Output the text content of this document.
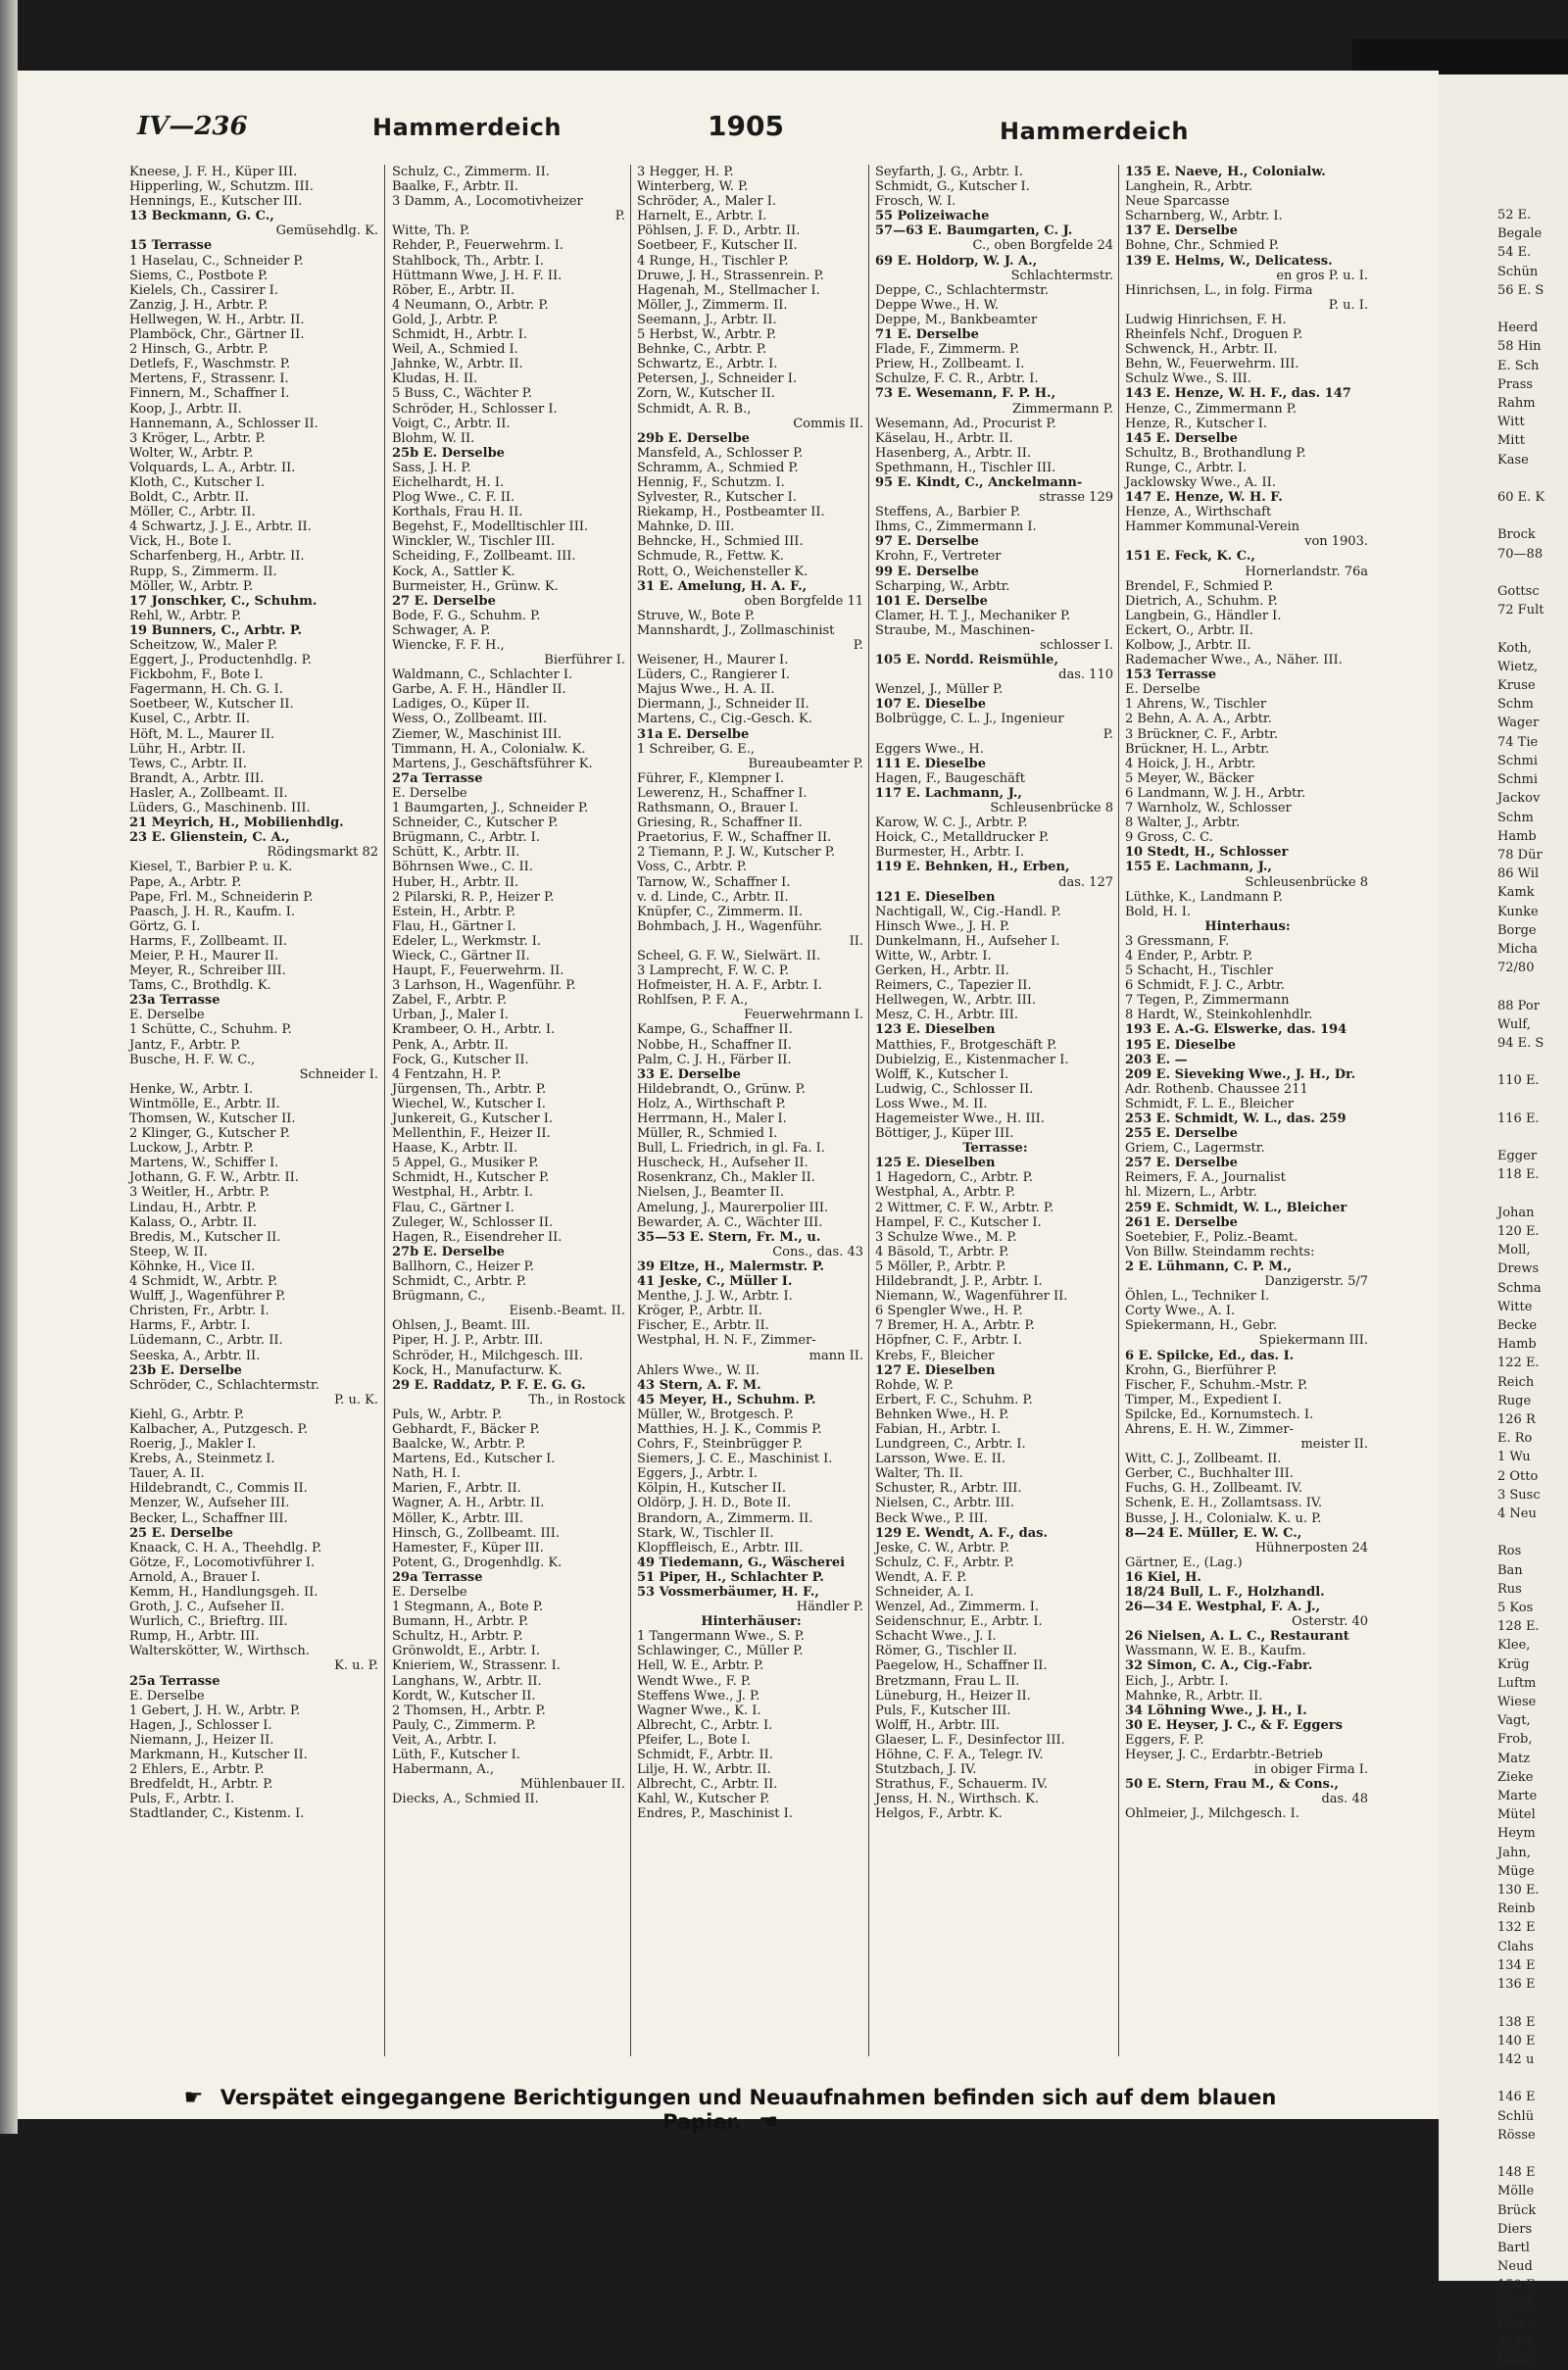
52 E.
Begale
54 E.
Schün
56 E. S

Heerd
58 Hin
E. Sch
Prass
Rahm
Witt
Mitt
Kase

60 E. K

Brock
70—88

Gottsc
72 Fult

Koth,
Wietz,
Kruse
Schm
Wager
74 Tie
Schmi
Schmi
Jackov
Schm
Hamb
78 Dür
86 Wil
Kamk
Kunke
Borge
Micha
72/80

88 Por
Wulf,
94 E. S

110 E.

116 E.

Egger
118 E.

Johan
120 E.
Moll,
Drews
Schma
Witte
Becke
Hamb
122 E.
Reich
Ruge
126 R
E. Ro
1 Wu
2 Otto
3 Susc
4 Neu

Ros
Ban
Rus
5 Kos
128 E.
Klee,
Krüg
Luftm
Wiese
Vagt,
Frob,
Matz
Zieke
Marte
Mütel
Heym
Jahn,
Müge
130 E.
Reinb
132 E
Clahs
134 E
136 E

138 E
140 E
142 u

146 E
Schlü
Rösse

148 E
Mölle
Brück
Diers
Bartl
Neud
150 E
152 E
Owe,
154 E
Haac
IV—236	Hammerdeich	1905	Hammerdeich
Kneese, J. F. H., Küper III.
Hipperling, W., Schutzm. III.
Hennings, E., Kutscher III.
13 Beckmann, G. C.,
Gemüsehdlg. K.
15 Terrasse
1 Haselau, C., Schneider P.
Siems, C., Postbote P.
Kielels, Ch., Cassirer I.
Zanzig, J. H., Arbtr. P.
Hellwegen, W. H., Arbtr. II.
Plamböck, Chr., Gärtner II.
2 Hinsch, G., Arbtr. P.
Detlefs, F., Waschmstr. P.
Mertens, F., Strassenr. I.
Finnern, M., Schaffner I.
Koop, J., Arbtr. II.
Hannemann, A., Schlosser II.
3 Kröger, L., Arbtr. P.
Wolter, W., Arbtr. P.
Volquards, L. A., Arbtr. II.
Kloth, C., Kutscher I.
Boldt, C., Arbtr. II.
Möller, C., Arbtr. II.
4 Schwartz, J. J. E., Arbtr. II.
Vick, H., Bote I.
Scharfenberg, H., Arbtr. II.
Rupp, S., Zimmerm. II.
Möller, W., Arbtr. P.
17 Jonschker, C., Schuhm.
Rehl, W., Arbtr. P.
19 Bunners, C., Arbtr. P.
Scheitzow, W., Maler P.
Eggert, J., Productenhdlg. P.
Fickbohm, F., Bote I.
Fagermann, H. Ch. G. I.
Soetbeer, W., Kutscher II.
Kusel, C., Arbtr. II.
Höft, M. L., Maurer II.
Lühr, H., Arbtr. II.
Tews, C., Arbtr. II.
Brandt, A., Arbtr. III.
Hasler, A., Zollbeamt. II.
Lüders, G., Maschinenb. III.
21 Meyrich, H., Mobilienhdlg.
23 E. Glienstein, C. A.,
Rödingsmarkt 82
Kiesel, T., Barbier P. u. K.
Pape, A., Arbtr. P.
Pape, Frl. M., Schneiderin P.
Paasch, J. H. R., Kaufm. I.
Görtz, G. I.
Harms, F., Zollbeamt. II.
Meier, P. H., Maurer II.
Meyer, R., Schreiber III.
Tams, C., Brothdlg. K.
23a Terrasse
E. Derselbe
1 Schütte, C., Schuhm. P.
Jantz, F., Arbtr. P.
Busche, H. F. W. C.,
Schneider I.
Henke, W., Arbtr. I.
Wintmölle, E., Arbtr. II.
Thomsen, W., Kutscher II.
2 Klinger, G., Kutscher P.
Luckow, J., Arbtr. P.
Martens, W., Schiffer I.
Jothann, G. F. W., Arbtr. II.
3 Weitler, H., Arbtr. P.
Lindau, H., Arbtr. P.
Kalass, O., Arbtr. II.
Bredis, M., Kutscher II.
Steep, W. II.
Köhnke, H., Vice II.
4 Schmidt, W., Arbtr. P.
Wulff, J., Wagenführer P.
Christen, Fr., Arbtr. I.
Harms, F., Arbtr. I.
Lüdemann, C., Arbtr. II.
Seeska, A., Arbtr. II.
23b E. Derselbe
Schröder, C., Schlachtermstr.
P. u. K.
Kiehl, G., Arbtr. P.
Kalbacher, A., Putzgesch. P.
Roerig, J., Makler I.
Krebs, A., Steinmetz I.
Tauer, A. II.
Hildebrandt, C., Commis II.
Menzer, W., Aufseher III.
Becker, L., Schaffner III.
25 E. Derselbe
Knaack, C. H. A., Theehdlg. P.
Götze, F., Locomotivführer I.
Arnold, A., Brauer I.
Kemm, H., Handlungsgeh. II.
Groth, J. C., Aufseher II.
Wurlich, C., Brieftrg. III.
Rump, H., Arbtr. III.
Walterskötter, W., Wirthsch.
K. u. P.
25a Terrasse
E. Derselbe
1 Gebert, J. H. W., Arbtr. P.
Hagen, J., Schlosser I.
Niemann, J., Heizer II.
Markmann, H., Kutscher II.
2 Ehlers, E., Arbtr. P.
Bredfeldt, H., Arbtr. P.
Puls, F., Arbtr. I.
Stadtlander, C., Kistenm. I.
Schulz, C., Zimmerm. II.
Baalke, F., Arbtr. II.
3 Damm, A., Locomotivheizer
P.
Witte, Th. P.
Rehder, P., Feuerwehrm. I.
Stahlbock, Th., Arbtr. I.
Hüttmann Wwe, J. H. F. II.
Röber, E., Arbtr. II.
4 Neumann, O., Arbtr. P.
Gold, J., Arbtr. P.
Schmidt, H., Arbtr. I.
Weil, A., Schmied I.
Jahnke, W., Arbtr. II.
Kludas, H. II.
5 Buss, C., Wächter P.
Schröder, H., Schlosser I.
Voigt, C., Arbtr. II.
Blohm, W. II.
25b E. Derselbe
Sass, J. H. P.
Eichelhardt, H. I.
Plog Wwe., C. F. II.
Korthals, Frau H. II.
Begehst, F., Modelltischler III.
Winckler, W., Tischler III.
Scheiding, F., Zollbeamt. III.
Kock, A., Sattler K.
Burmeister, H., Grünw. K.
27 E. Derselbe
Bode, F. G., Schuhm. P.
Schwager, A. P.
Wiencke, F. F. H.,
Bierführer I.
Waldmann, C., Schlachter I.
Garbe, A. F. H., Händler II.
Ladiges, O., Küper II.
Wess, O., Zollbeamt. III.
Ziemer, W., Maschinist III.
Timmann, H. A., Colonialw. K.
Martens, J., Geschäftsführer K.
27a Terrasse
E. Derselbe
1 Baumgarten, J., Schneider P.
Schneider, C., Kutscher P.
Brügmann, C., Arbtr. I.
Schütt, K., Arbtr. II.
Böhrnsen Wwe., C. II.
Huber, H., Arbtr. II.
2 Pilarski, R. P., Heizer P.
Estein, H., Arbtr. P.
Flau, H., Gärtner I.
Edeler, L., Werkmstr. I.
Wieck, C., Gärtner II.
Haupt, F., Feuerwehrm. II.
3 Larhson, H., Wagenführ. P.
Zabel, F., Arbtr. P.
Urban, J., Maler I.
Krambeer, O. H., Arbtr. I.
Penk, A., Arbtr. II.
Fock, G., Kutscher II.
4 Fentzahn, H. P.
Jürgensen, Th., Arbtr. P.
Wiechel, W., Kutscher I.
Junkereit, G., Kutscher I.
Mellenthin, F., Heizer II.
Haase, K., Arbtr. II.
5 Appel, G., Musiker P.
Schmidt, H., Kutscher P.
Westphal, H., Arbtr. I.
Flau, C., Gärtner I.
Zuleger, W., Schlosser II.
Hagen, R., Eisendreher II.
27b E. Derselbe
Ballhorn, C., Heizer P.
Schmidt, C., Arbtr. P.
Brügmann, C.,
Eisenb.-Beamt. II.
Ohlsen, J., Beamt. III.
Piper, H. J. P., Arbtr. III.
Schröder, H., Milchgesch. III.
Kock, H., Manufacturw. K.
29 E. Raddatz, P. F. E. G. G.
Th., in Rostock
Puls, W., Arbtr. P.
Gebhardt, F., Bäcker P.
Baalcke, W., Arbtr. P.
Martens, Ed., Kutscher I.
Nath, H. I.
Marien, F., Arbtr. II.
Wagner, A. H., Arbtr. II.
Möller, K., Arbtr. III.
Hinsch, G., Zollbeamt. III.
Hamester, F., Küper III.
Potent, G., Drogenhdlg. K.
29a Terrasse
E. Derselbe
1 Stegmann, A., Bote P.
Bumann, H., Arbtr. P.
Schultz, H., Arbtr. P.
Grönwoldt, E., Arbtr. I.
Knieriem, W., Strassenr. I.
Langhans, W., Arbtr. II.
Kordt, W., Kutscher II.
2 Thomsen, H., Arbtr. P.
Pauly, C., Zimmerm. P.
Veit, A., Arbtr. I.
Lüth, F., Kutscher I.
Habermann, A.,
Mühlenbauer II.
Diecks, A., Schmied II.
3 Hegger, H. P.
Winterberg, W. P.
Schröder, A., Maler I.
Harnelt, E., Arbtr. I.
Pöhlsen, J. F. D., Arbtr. II.
Soetbeer, F., Kutscher II.
4 Runge, H., Tischler P.
Druwe, J. H., Strassenrein. P.
Hagenah, M., Stellmacher I.
Möller, J., Zimmerm. II.
Seemann, J., Arbtr. II.
5 Herbst, W., Arbtr. P.
Behnke, C., Arbtr. P.
Schwartz, E., Arbtr. I.
Petersen, J., Schneider I.
Zorn, W., Kutscher II.
Schmidt, A. R. B.,
Commis II.
29b E. Derselbe
Mansfeld, A., Schlosser P.
Schramm, A., Schmied P.
Hennig, F., Schutzm. I.
Sylvester, R., Kutscher I.
Riekamp, H., Postbeamter II.
Mahnke, D. III.
Behncke, H., Schmied III.
Schmude, R., Fettw. K.
Rott, O., Weichensteller K.
31 E. Amelung, H. A. F.,
oben Borgfelde 11
Struve, W., Bote P.
Mannshardt, J., Zollmaschinist
P.
Weisener, H., Maurer I.
Lüders, C., Rangierer I.
Majus Wwe., H. A. II.
Diermann, J., Schneider II.
Martens, C., Cig.-Gesch. K.
31a E. Derselbe
1 Schreiber, G. E.,
Bureaubeamter P.
Führer, F., Klempner I.
Lewerenz, H., Schaffner I.
Rathsmann, O., Brauer I.
Griesing, R., Schaffner II.
Praetorius, F. W., Schaffner II.
2 Tiemann, P. J. W., Kutscher P.
Voss, C., Arbtr. P.
Tarnow, W., Schaffner I.
v. d. Linde, C., Arbtr. II.
Knüpfer, C., Zimmerm. II.
Bohmbach, J. H., Wagenführ.
II.
Scheel, G. F. W., Sielwärt. II.
3 Lamprecht, F. W. C. P.
Hofmeister, H. A. F., Arbtr. I.
Rohlfsen, P. F. A.,
Feuerwehrmann I.
Kampe, G., Schaffner II.
Nobbe, H., Schaffner II.
Palm, C. J. H., Färber II.
33 E. Derselbe
Hildebrandt, O., Grünw. P.
Holz, A., Wirthschaft P.
Herrmann, H., Maler I.
Müller, R., Schmied I.
Bull, L. Friedrich, in gl. Fa. I.
Huscheck, H., Aufseher II.
Rosenkranz, Ch., Makler II.
Nielsen, J., Beamter II.
Amelung, J., Maurerpolier III.
Bewarder, A. C., Wächter III.
35—53 E. Stern, Fr. M., u.
Cons., das. 43
39 Eltze, H., Malermstr. P.
41 Jeske, C., Müller I.
Menthe, J. J. W., Arbtr. I.
Kröger, P., Arbtr. II.
Fischer, E., Arbtr. II.
Westphal, H. N. F., Zimmer-
mann II.
Ahlers Wwe., W. II.
43 Stern, A. F. M.
45 Meyer, H., Schuhm. P.
Müller, W., Brotgesch. P.
Matthies, H. J. K., Commis P.
Cohrs, F., Steinbrügger P.
Siemers, J. C. E., Maschinist I.
Eggers, J., Arbtr. I.
Kölpin, H., Kutscher II.
Oldörp, J. H. D., Bote II.
Brandorn, A., Zimmerm. II.
Stark, W., Tischler II.
Klopffleisch, E., Arbtr. III.
49 Tiedemann, G., Wäscherei
51 Piper, H., Schlachter P.
53 Vossmerbäumer, H. F.,
Händler P.
Hinterhäuser:
1 Tangermann Wwe., S. P.
Schlawinger, C., Müller P.
Hell, W. E., Arbtr. P.
Wendt Wwe., F. P.
Steffens Wwe., J. P.
Wagner Wwe., K. I.
Albrecht, C., Arbtr. I.
Pfeifer, L., Bote I.
Schmidt, F., Arbtr. II.
Lilje, H. W., Arbtr. II.
Albrecht, C., Arbtr. II.
Kahl, W., Kutscher P.
Endres, P., Maschinist I.
Seyfarth, J. G., Arbtr. I.
Schmidt, G., Kutscher I.
Frosch, W. I.
55 Polizeiwache
57—63 E. Baumgarten, C. J.
C., oben Borgfelde 24
69 E. Holdorp, W. J. A.,
Schlachtermstr.
Deppe, C., Schlachtermstr.
Deppe Wwe., H. W.
Deppe, M., Bankbeamter
71 E. Derselbe
Flade, F., Zimmerm. P.
Priew, H., Zollbeamt. I.
Schulze, F. C. R., Arbtr. I.
73 E. Wesemann, F. P. H.,
Zimmermann P.
Wesemann, Ad., Procurist P.
Käselau, H., Arbtr. II.
Hasenberg, A., Arbtr. II.
Spethmann, H., Tischler III.
95 E. Kindt, C., Anckelmann-
strasse 129
Steffens, A., Barbier P.
Ihms, C., Zimmermann I.
97 E. Derselbe
Krohn, F., Vertreter
99 E. Derselbe
Scharping, W., Arbtr.
101 E. Derselbe
Clamer, H. T. J., Mechaniker P.
Straube, M., Maschinen-
schlosser I.
105 E. Nordd. Reismühle,
das. 110
Wenzel, J., Müller P.
107 E. Dieselbe
Bolbrügge, C. L. J., Ingenieur
P.
Eggers Wwe., H.
111 E. Dieselbe
Hagen, F., Baugeschäft
117 E. Lachmann, J.,
Schleusenbrücke 8
Karow, W. C. J., Arbtr. P.
Hoick, C., Metalldrucker P.
Burmester, H., Arbtr. I.
119 E. Behnken, H., Erben,
das. 127
121 E. Dieselben
Nachtigall, W., Cig.-Handl. P.
Hinsch Wwe., J. H. P.
Dunkelmann, H., Aufseher I.
Witte, W., Arbtr. I.
Gerken, H., Arbtr. II.
Reimers, C., Tapezier II.
Hellwegen, W., Arbtr. III.
Mesz, C. H., Arbtr. III.
123 E. Dieselben
Matthies, F., Brotgeschäft P.
Dubielzig, E., Kistenmacher I.
Wolff, K., Kutscher I.
Ludwig, C., Schlosser II.
Loss Wwe., M. II.
Hagemeister Wwe., H. III.
Böttiger, J., Küper III.
Terrasse:
125 E. Dieselben
1 Hagedorn, C., Arbtr. P.
Westphal, A., Arbtr. P.
2 Wittmer, C. F. W., Arbtr. P.
Hampel, F. C., Kutscher I.
3 Schulze Wwe., M. P.
4 Bäsold, T., Arbtr. P.
5 Möller, P., Arbtr. P.
Hildebrandt, J. P., Arbtr. I.
Niemann, W., Wagenführer II.
6 Spengler Wwe., H. P.
7 Bremer, H. A., Arbtr. P.
Höpfner, C. F., Arbtr. I.
Krebs, F., Bleicher
127 E. Dieselben
Rohde, W. P.
Erbert, F. C., Schuhm. P.
Behnken Wwe., H. P.
Fabian, H., Arbtr. I.
Lundgreen, C., Arbtr. I.
Larsson, Wwe. E. II.
Walter, Th. II.
Schuster, R., Arbtr. III.
Nielsen, C., Arbtr. III.
Beck Wwe., P. III.
129 E. Wendt, A. F., das.
Jeske, C. W., Arbtr. P.
Schulz, C. F., Arbtr. P.
Wendt, A. F. P.
Schneider, A. I.
Wenzel, Ad., Zimmerm. I.
Seidenschnur, E., Arbtr. I.
Schacht Wwe., J. I.
Römer, G., Tischler II.
Paegelow, H., Schaffner II.
Bretzmann, Frau L. II.
Lüneburg, H., Heizer II.
Puls, F., Kutscher III.
Wolff, H., Arbtr. III.
Glaeser, L. F., Desinfector III.
Höhne, C. F. A., Telegr. IV.
Stutzbach, J. IV.
Strathus, F., Schauerm. IV.
Jenss, H. N., Wirthsch. K.
Helgos, F., Arbtr. K.
135 E. Naeve, H., Colonialw.
Langhein, R., Arbtr.
Neue Sparcasse
Scharnberg, W., Arbtr. I.
137 E. Derselbe
Bohne, Chr., Schmied P.
139 E. Helms, W., Delicatess.
en gros P. u. I.
Hinrichsen, L., in folg. Firma
P. u. I.
Ludwig Hinrichsen, F. H.
Rheinfels Nchf., Droguen P.
Schwenck, H., Arbtr. II.
Behn, W., Feuerwehrm. III.
Schulz Wwe., S. III.
143 E. Henze, W. H. F., das. 147
Henze, C., Zimmermann P.
Henze, R., Kutscher I.
145 E. Derselbe
Schultz, B., Brothandlung P.
Runge, C., Arbtr. I.
Jacklowsky Wwe., A. II.
147 E. Henze, W. H. F.
Henze, A., Wirthschaft
Hammer Kommunal-Verein
von 1903.
151 E. Feck, K. C.,
Hornerlandstr. 76a
Brendel, F., Schmied P.
Dietrich, A., Schuhm. P.
Langbein, G., Händler I.
Eckert, O., Arbtr. II.
Kolbow, J., Arbtr. II.
Rademacher Wwe., A., Näher. III.
153 Terrasse
E. Derselbe
1 Ahrens, W., Tischler
2 Behn, A. A. A., Arbtr.
3 Brückner, C. F., Arbtr.
Brückner, H. L., Arbtr.
4 Hoick, J. H., Arbtr.
5 Meyer, W., Bäcker
6 Landmann, W. J. H., Arbtr.
7 Warnholz, W., Schlosser
8 Walter, J., Arbtr.
9 Gross, C. C.
10 Stedt, H., Schlosser
155 E. Lachmann, J.,
Schleusenbrücke 8
Lüthke, K., Landmann P.
Bold, H. I.
Hinterhaus:
3 Gressmann, F.
4 Ender, P., Arbtr. P.
5 Schacht, H., Tischler
6 Schmidt, F. J. C., Arbtr.
7 Tegen, P., Zimmermann
8 Hardt, W., Steinkohlenhdlr.
193 E. A.-G. Elswerke, das. 194
195 E. Dieselbe
203 E. —
209 E. Sieveking Wwe., J. H., Dr.
Adr. Rothenb. Chaussee 211
Schmidt, F. L. E., Bleicher
253 E. Schmidt, W. L., das. 259
255 E. Derselbe
Griem, C., Lagermstr.
257 E. Derselbe
Reimers, F. A., Journalist
hl. Mizern, L., Arbtr.
259 E. Schmidt, W. L., Bleicher
261 E. Derselbe
Soetebier, F., Poliz.-Beamt.
Von Billw. Steindamm rechts:
2 E. Lühmann, C. P. M.,
Danzigerstr. 5/7
Öhlen, L., Techniker I.
Corty Wwe., A. I.
Spiekermann, H., Gebr.
Spiekermann III.
6 E. Spilcke, Ed., das. I.
Krohn, G., Bierführer P.
Fischer, F., Schuhm.-Mstr. P.
Timper, M., Expedient I.
Spilcke, Ed., Kornumstech. I.
Ahrens, E. H. W., Zimmer-
meister II.
Witt, C. J., Zollbeamt. II.
Gerber, C., Buchhalter III.
Fuchs, G. H., Zollbeamt. IV.
Schenk, E. H., Zollamtsass. IV.
Busse, J. H., Colonialw. K. u. P.
8—24 E. Müller, E. W. C.,
Hühnerposten 24
Gärtner, E., (Lag.)
16 Kiel, H.
18/24 Bull, L. F., Holzhandl.
26—34 E. Westphal, F. A. J.,
Osterstr. 40
26 Nielsen, A. L. C., Restaurant
Wassmann, W. E. B., Kaufm.
32 Simon, C. A., Cig.-Fabr.
Eich, J., Arbtr. I.
Mahnke, R., Arbtr. II.
34 Löhning Wwe., J. H., I.
30 E. Heyser, J. C., & F. Eggers
Eggers, F. P.
Heyser, J. C., Erdarbtr.-Betrieb
in obiger Firma I.
50 E. Stern, Frau M., & Cons.,
das. 48
Ohlmeier, J., Milchgesch. I.
☛ Verspätet eingegangene Berichtigungen und Neuaufnahmen befinden sich auf dem blauen Papier. ☚
